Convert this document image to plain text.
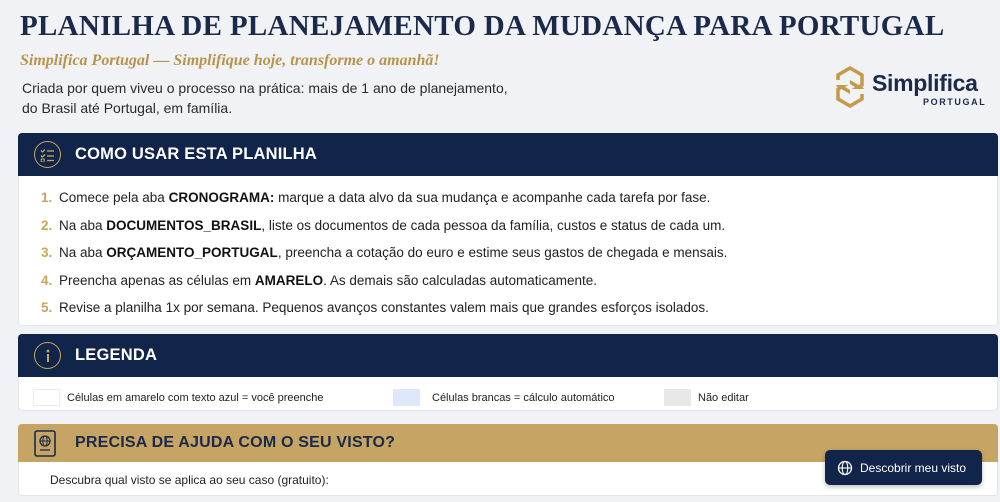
PLANILHA DE PLANEJAMENTO DA MUDANÇA PARA PORTUGAL
Simplifica Portugal — Simplifique hoje, transforme o amanhã!
Criada por quem viveu o processo na prática: mais de 1 ano de planejamento,
do Brasil até Portugal, em família.
Simplifica
PORTUGAL
COMO USAR ESTA PLANILHA
1. Comece pela aba CRONOGRAMA: marque a data alvo da sua mudança e acompanhe cada tarefa por fase.
2. Na aba DOCUMENTOS_BRASIL , liste os documentos de cada pessoa da família, custos e status de cada um.
3. Na aba ORÇAMENTO_PORTUGAL , preencha a cotação do euro e estime seus gastos de chegada e mensais.
4. Preencha apenas as células em AMARELO . As demais são calculadas automaticamente.
5. Revise a planilha 1x por semana. Pequenos avanços constantes valem mais que grandes esforços isolados.
LEGENDA
Células em amarelo com texto azul = você preenche	Células brancas = cálculo automático	Não editar
PRECISA DE AJUDA COM O SEU VISTO?
Descubra qual visto se aplica ao seu caso (gratuito):
Descobrir meu visto
